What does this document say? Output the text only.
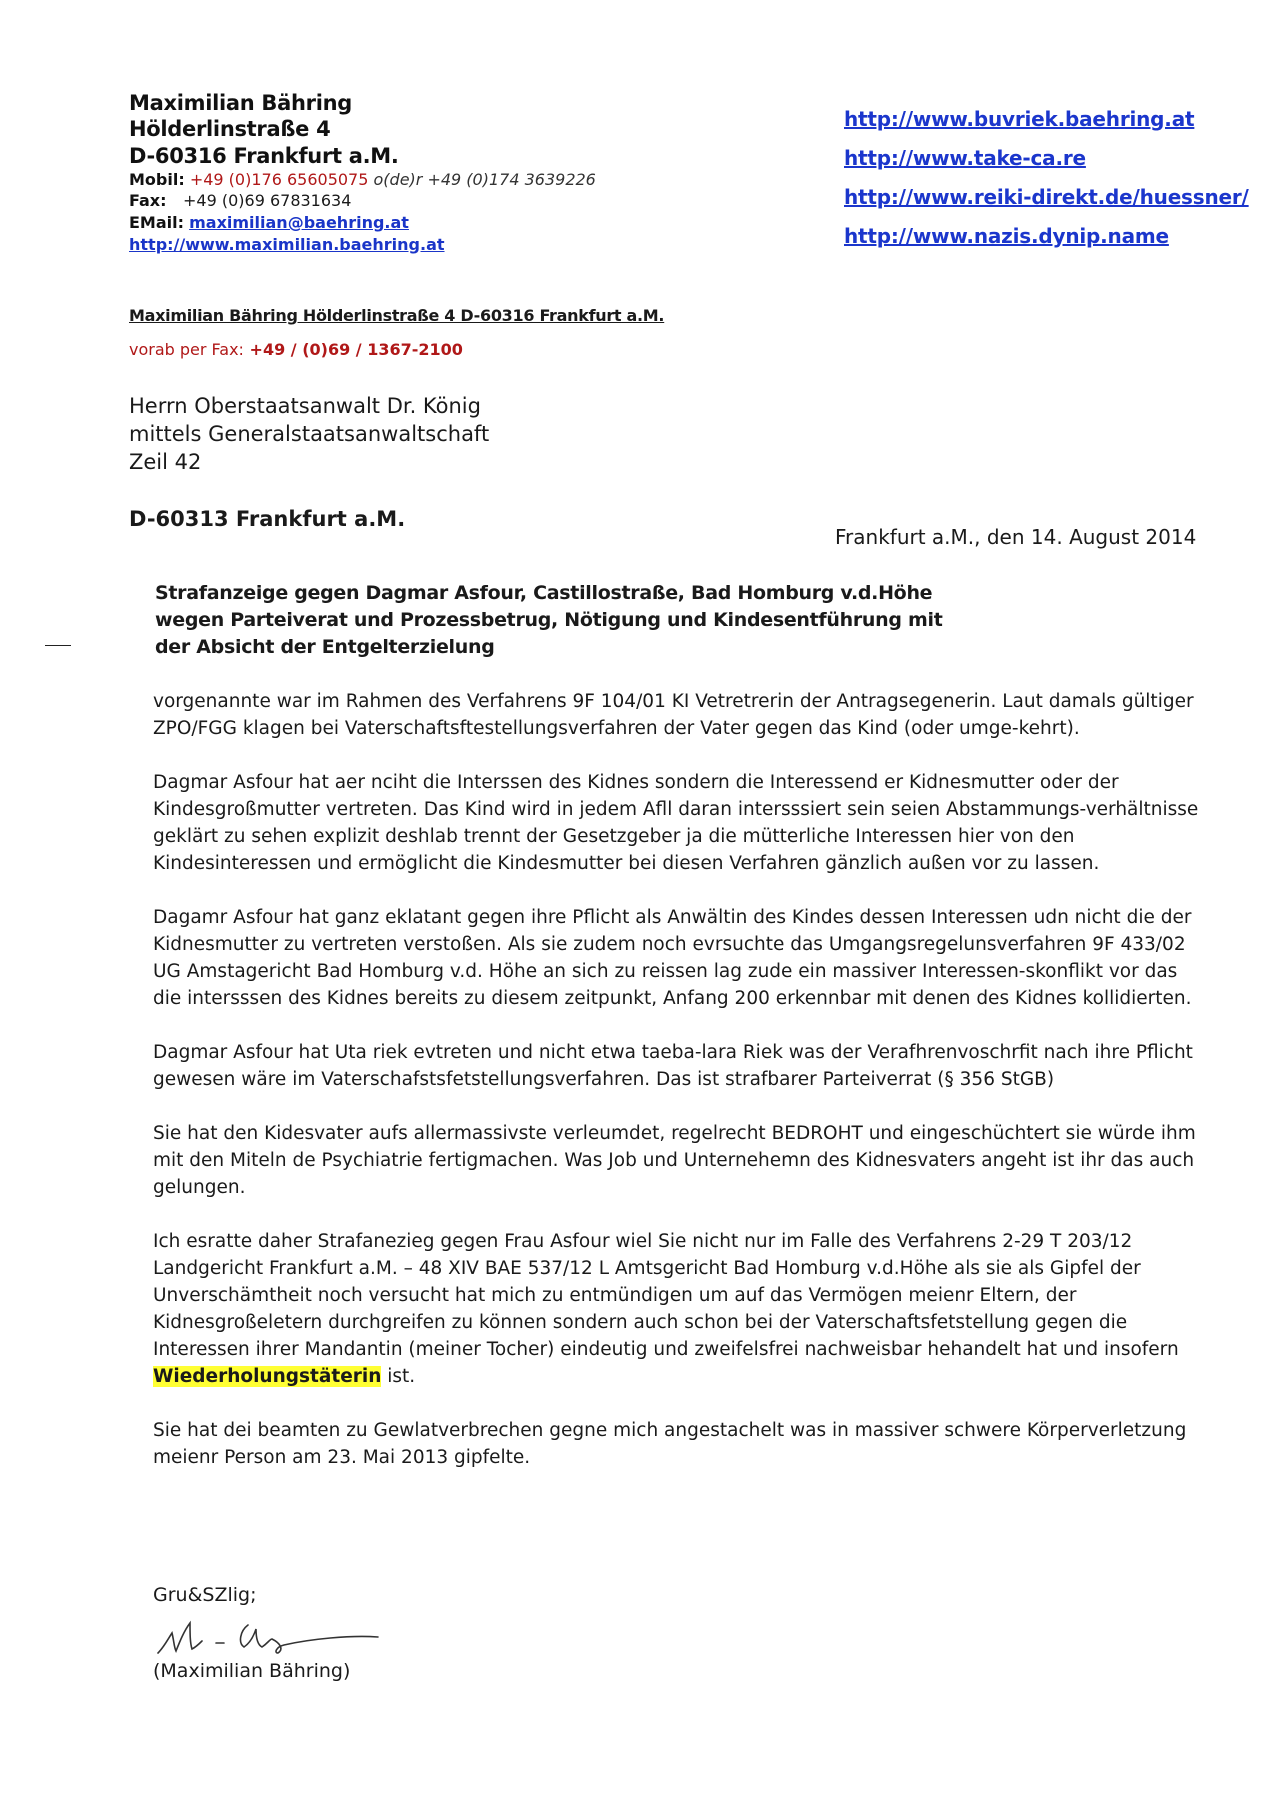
Maximilian Bähring
Hölderlinstraße 4
D-60316 Frankfurt a.M.
Mobil: +49 (0)176 65605075 o(de)r +49 (0)174 3639226
Fax: +49 (0)69 67831634
EMail: maximilian@baehring.at
http://www.maximilian.baehring.at
http://www.buvriek.baehring.at
http://www.take-ca.re
http://www.reiki-direkt.de/huessner/
http://www.nazis.dynip.name
Maximilian Bähring Hölderlinstraße 4 D-60316 Frankfurt a.M.
vorab per Fax: +49 / (0)69 / 1367-2100
Herrn Oberstaatsanwalt Dr. König
mittels Generalstaatsanwaltschaft
Zeil 42
D-60313 Frankfurt a.M.
Frankfurt a.M., den 14. August 2014
Strafanzeige gegen Dagmar Asfour, Castillostraße, Bad Homburg v.d.Höhe
wegen Parteiverat und Prozessbetrug, Nötigung und Kindesentführung mit
der Absicht der Entgelterzielung

vorgenannte war im Rahmen des Verfahrens 9F 104/01 KI Vetretrerin der Antragsegenerin. Laut damals gültiger ZPO/FGG klagen bei Vaterschaftsftestellungsverfahren der Vater gegen das Kind (oder umge-kehrt).

Dagmar Asfour hat aer nciht die Interssen des Kidnes sondern die Interessend er Kidnesmutter oder der Kindesgroßmutter vertreten. Das Kind wird in jedem Afll daran intersssiert sein seien Abstammungs-verhältnisse geklärt zu sehen explizit deshlab trennt der Gesetzgeber ja die mütterliche Interessen hier von den Kindesinteressen und ermöglicht die Kindesmutter bei diesen Verfahren gänzlich außen vor zu lassen.

Dagamr Asfour hat ganz eklatant gegen ihre Pflicht als Anwältin des Kindes dessen Interessen udn nicht die der Kidnesmutter zu vertreten verstoßen. Als sie zudem noch evrsuchte das Umgangsregelunsverfahren 9F 433/02 UG Amstagericht Bad Homburg v.d. Höhe an sich zu reissen lag zude ein massiver Interessen-skonflikt vor das die intersssen des Kidnes bereits zu diesem zeitpunkt, Anfang 200 erkennbar mit denen des Kidnes kollidierten.

Dagmar Asfour hat Uta riek evtreten und nicht etwa taeba-lara Riek was der Verafhrenvoschrfit nach ihre Pflicht gewesen wäre im Vaterschafstsfetstellungsverfahren. Das ist strafbarer Parteiverrat (§ 356 StGB)

Sie hat den Kidesvater aufs allermassivste verleumdet, regelrecht BEDROHT und eingeschüchtert sie würde ihm mit den Miteln de Psychiatrie fertigmachen. Was Job und Unternehemn des Kidnesvaters angeht ist ihr das auch gelungen.

Ich esratte daher Strafanezieg gegen Frau Asfour wiel Sie nicht nur im Falle des Verfahrens 2-29 T 203/12 Landgericht Frankfurt a.M. – 48 XIV BAE 537/12 L Amtsgericht Bad Homburg v.d.Höhe als sie als Gipfel der Unverschämtheit noch versucht hat mich zu entmündigen um auf das Vermögen meienr Eltern, der Kidnesgroßeletern durchgreifen zu können sondern auch schon bei der Vaterschaftsfetstellung gegen die Interessen ihrer Mandantin (meiner Tocher) eindeutig und zweifelsfrei nachweisbar hehandelt hat und insofern Wiederholungstäterin ist.

Sie hat dei beamten zu Gewlatverbrechen gegne mich angestachelt was in massiver schwere Körperverletzung meienr Person am 23. Mai 2013 gipfelte.

Gru&SZlig;
(Maximilian Bähring)
